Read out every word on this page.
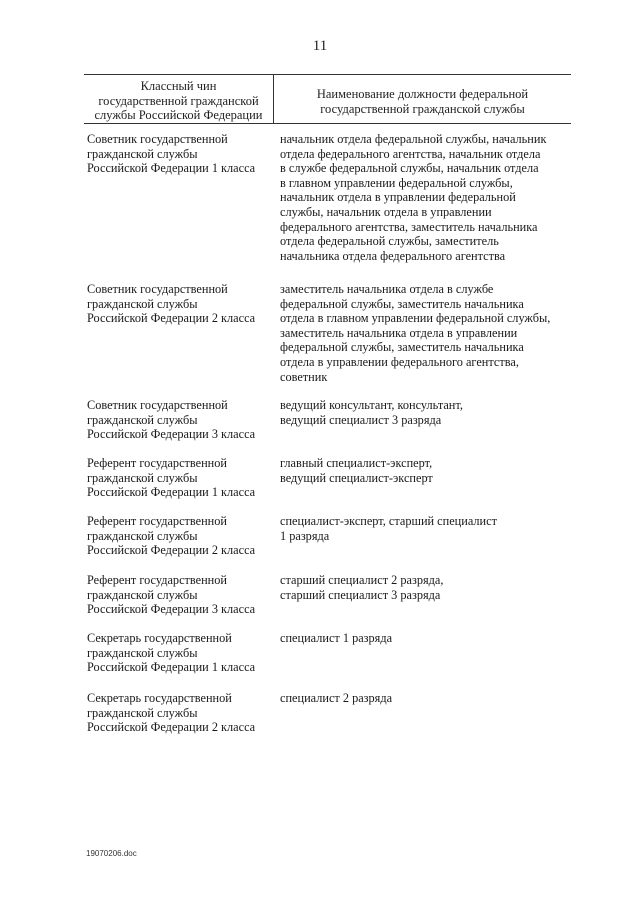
11
Классный чин
государственной гражданской
службы Российской Федерации
Наименование должности федеральной
государственной гражданской службы
Советник государственной
гражданской службы
Российской Федерации 1 класса
начальник отдела федеральной службы, начальник
отдела федерального агентства, начальник отдела
в службе федеральной службы, начальник отдела
в главном управлении федеральной службы,
начальник отдела в управлении федеральной
службы, начальник отдела в управлении
федерального агентства, заместитель начальника
отдела федеральной службы, заместитель
начальника отдела федерального агентства
Советник государственной
гражданской службы
Российской Федерации 2 класса
заместитель начальника отдела в службе
федеральной службы, заместитель начальника
отдела в главном управлении федеральной службы,
заместитель начальника отдела в управлении
федеральной службы, заместитель начальника
отдела в управлении федерального агентства,
советник
Советник государственной
гражданской службы
Российской Федерации 3 класса
ведущий консультант, консультант,
ведущий специалист 3 разряда
Референт государственной
гражданской службы
Российской Федерации 1 класса
главный специалист-эксперт,
ведущий специалист-эксперт
Референт государственной
гражданской службы
Российской Федерации 2 класса
специалист-эксперт, старший специалист
1 разряда
Референт государственной
гражданской службы
Российской Федерации 3 класса
старший специалист 2 разряда,
старший специалист 3 разряда
Секретарь государственной
гражданской службы
Российской Федерации 1 класса
специалист 1 разряда
Секретарь государственной
гражданской службы
Российской Федерации 2 класса
специалист 2 разряда
19070206.doc
